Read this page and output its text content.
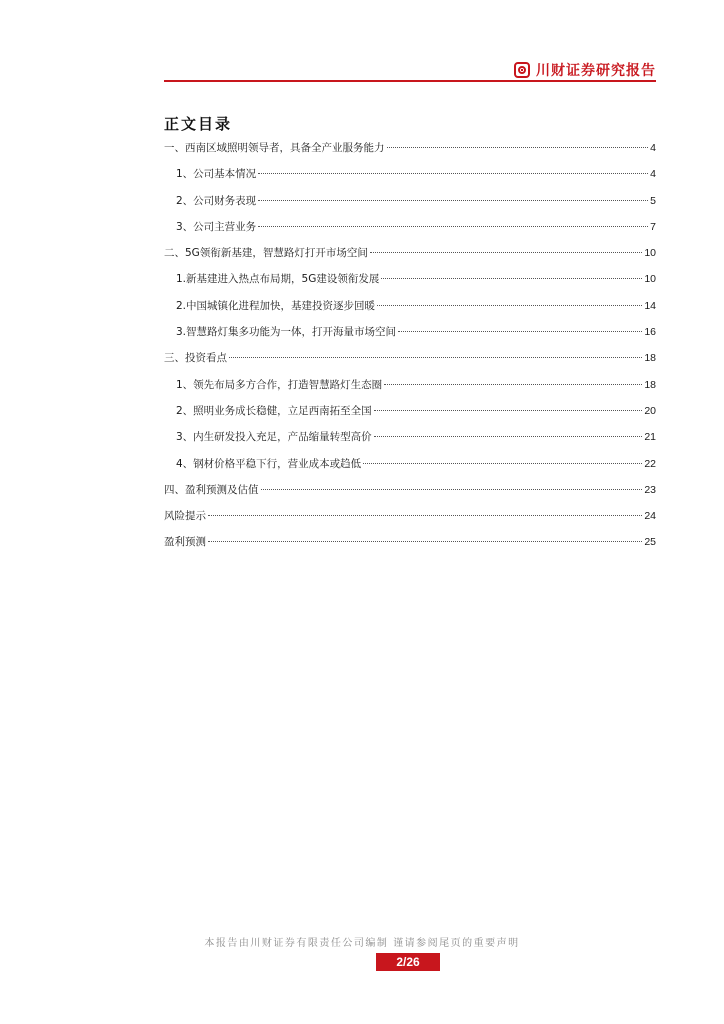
川财证券研究报告
正文目录
一、西南区域照明领导者，具备全产业服务能力	4
1、公司基本情况	4
2、公司财务表现	5
3、公司主营业务	7
二、5G领衔新基建，智慧路灯打开市场空间	10
1.新基建进入热点布局期，5G建设领衔发展	10
2.中国城镇化进程加快，基建投资逐步回暖	14
3.智慧路灯集多功能为一体，打开海量市场空间	16
三、投资看点	18
1、领先布局多方合作，打造智慧路灯生态圈	18
2、照明业务成长稳健，立足西南拓至全国	20
3、内生研发投入充足，产品缩量转型高价	21
4、钢材价格平稳下行，营业成本或趋低	22
四、盈利预测及估值	23
风险提示	24
盈利预测	25
本报告由川财证券有限责任公司编制 谨请参阅尾页的重要声明
2/26
